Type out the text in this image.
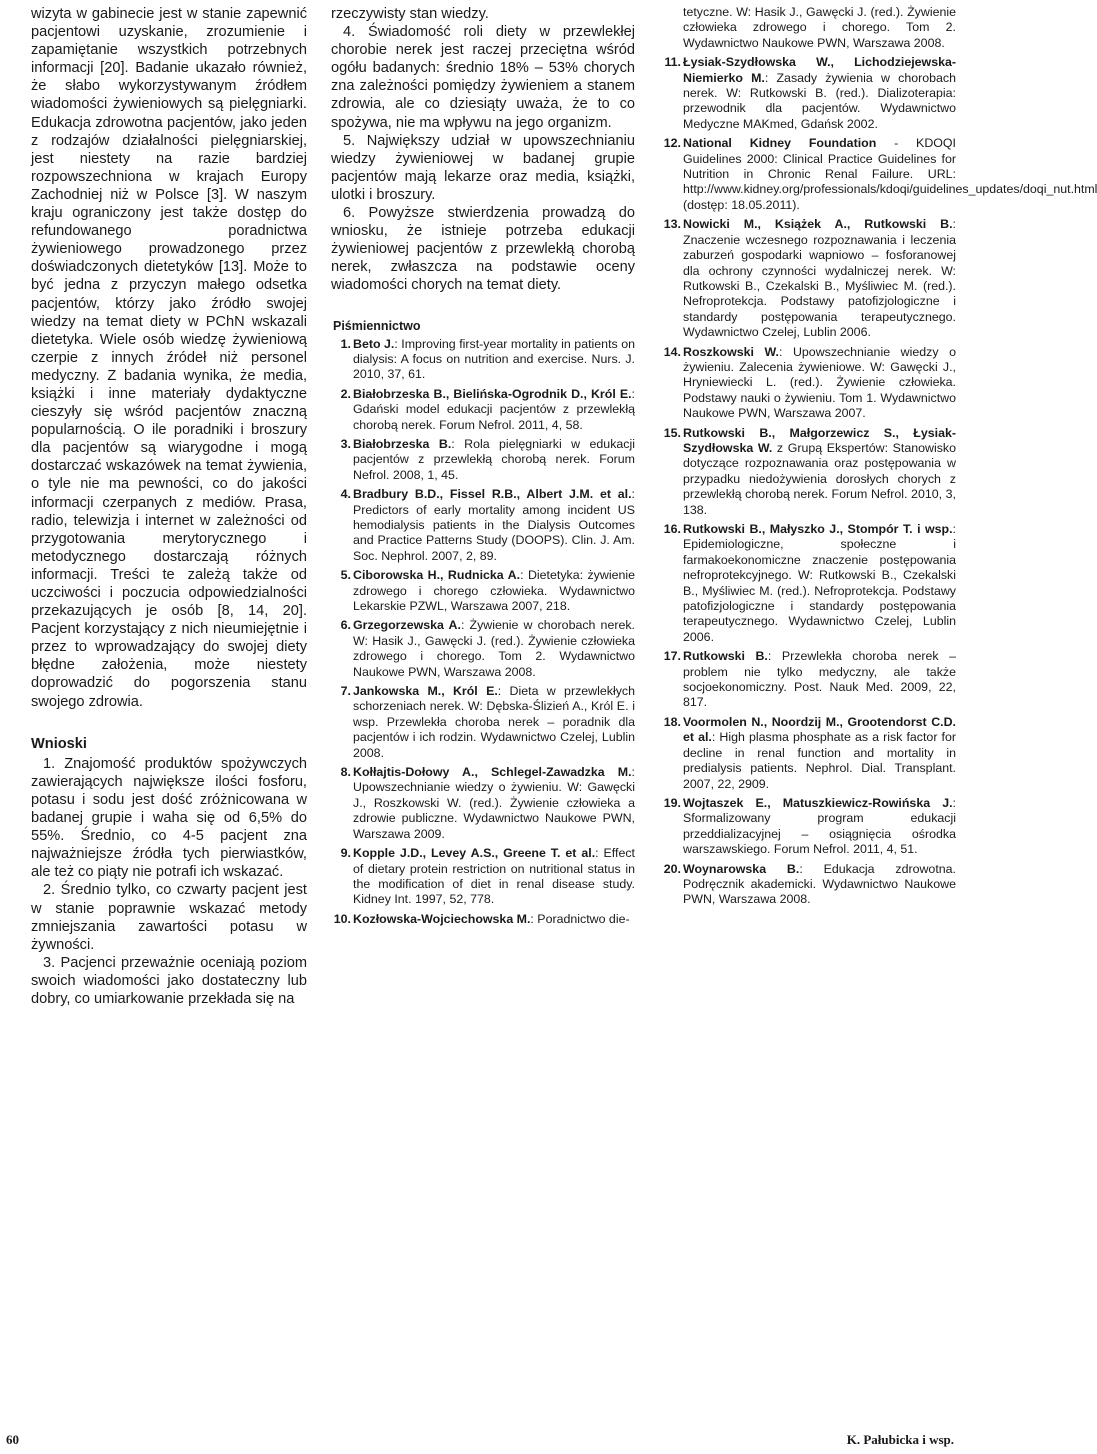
wizyta w gabinecie jest w stanie zapewnić pacjentowi uzyskanie, zrozumienie i zapamiętanie wszystkich potrzebnych informacji [20]. Badanie ukazało również, że słabo wykorzystywanym źródłem wiadomości żywieniowych są pielęgniarki. Edukacja zdrowotna pacjentów, jako jeden z rodzajów działalności pielęgniarskiej, jest niestety na razie bardziej rozpowszechniona w krajach Europy Zachodniej niż w Polsce [3]. W naszym kraju ograniczony jest także dostęp do refundowanego poradnictwa żywieniowego prowadzonego przez doświadczonych dietetyków [13]. Może to być jedna z przyczyn małego odsetka pacjentów, którzy jako źródło swojej wiedzy na temat diety w PChN wskazali dietetyka. Wiele osób wiedzę żywieniową czerpie z innych źródeł niż personel medyczny. Z badania wynika, że media, książki i inne materiały dydaktyczne cieszyły się wśród pacjentów znaczną popularnością. O ile poradniki i broszury dla pacjentów są wiarygodne i mogą dostarczać wskazówek na temat żywienia, o tyle nie ma pewności, co do jakości informacji czerpanych z mediów. Prasa, radio, telewizja i internet w zależności od przygotowania merytorycznego i metodycznego dostarczają różnych informacji. Treści te zależą także od uczciwości i poczucia odpowiedzialności przekazujących je osób [8, 14, 20]. Pacjent korzystający z nich nieumiejętnie i przez to wprowadzający do swojej diety błędne założenia, może niestety doprowadzić do pogorszenia stanu swojego zdrowia.

Wnioski

1. Znajomość produktów spożywczych zawierających największe ilości fosforu, potasu i sodu jest dość zróżnicowana w badanej grupie i waha się od 6,5% do 55%. Średnio, co 4-5 pacjent zna najważniejsze źródła tych pierwiastków, ale też co piąty nie potrafi ich wskazać.

2. Średnio tylko, co czwarty pacjent jest w stanie poprawnie wskazać metody zmniejszania zawartości potasu w żywności.

3. Pacjenci przeważnie oceniają poziom swoich wiadomości jako dostateczny lub dobry, co umiarkowanie przekłada się na

rzeczywisty stan wiedzy.

4. Świadomość roli diety w przewlekłej chorobie nerek jest raczej przeciętna wśród ogółu badanych: średnio 18% – 53% chorych zna zależności pomiędzy żywieniem a stanem zdrowia, ale co dziesiąty uważa, że to co spożywa, nie ma wpływu na jego organizm.

5. Największy udział w upowszechnianiu wiedzy żywieniowej w badanej grupie pacjentów mają lekarze oraz media, książki, ulotki i broszury.

6. Powyższe stwierdzenia prowadzą do wniosku, że istnieje potrzeba edukacji żywieniowej pacjentów z przewlekłą chorobą nerek, zwłaszcza na podstawie oceny wiadomości chorych na temat diety.

Piśmiennictwo
1. Beto J.: Improving first-year mortality in patients on dialysis: A focus on nutrition and exercise. Nurs. J. 2010, 37, 61.
2. Białobrzeska B., Bielińska-Ogrodnik D., Król E.: Gdański model edukacji pacjentów z przewlekłą chorobą nerek. Forum Nefrol. 2011, 4, 58.
3. Białobrzeska B.: Rola pielęgniarki w edukacji pacjentów z przewlekłą chorobą nerek. Forum Nefrol. 2008, 1, 45.
4. Bradbury B.D., Fissel R.B., Albert J.M. et al.: Predictors of early mortality among incident US hemodialysis patients in the Dialysis Outcomes and Practice Patterns Study (DOOPS). Clin. J. Am. Soc. Nephrol. 2007, 2, 89.
5. Ciborowska H., Rudnicka A.: Dietetyka: żywienie zdrowego i chorego człowieka. Wydawnictwo Lekarskie PZWL, Warszawa 2007, 218.
6. Grzegorzewska A.: Żywienie w chorobach nerek. W: Hasik J., Gawęcki J. (red.). Żywienie człowieka zdrowego i chorego. Tom 2. Wydawnictwo Naukowe PWN, Warszawa 2008.
7. Jankowska M., Król E.: Dieta w przewlekłych schorzeniach nerek. W: Dębska-Ślizień A., Król E. i wsp. Przewlekła choroba nerek – poradnik dla pacjentów i ich rodzin. Wydawnictwo Czelej, Lublin 2008.
8. Kołłajtis-Dołowy A., Schlegel-Zawadzka M.: Upowszechnianie wiedzy o żywieniu. W: Gawęcki J., Roszkowski W. (red.). Żywienie człowieka a zdrowie publiczne. Wydawnictwo Naukowe PWN, Warszawa 2009.
9. Kopple J.D., Levey A.S., Greene T. et al.: Effect of dietary protein restriction on nutritional status in the modification of diet in renal disease study. Kidney Int. 1997, 52, 778.
10. Kozłowska-Wojciechowska M.: Poradnictwo die-
tetyczne. W: Hasik J., Gawęcki J. (red.). Żywienie człowieka zdrowego i chorego. Tom 2. Wydawnictwo Naukowe PWN, Warszawa 2008.
11. Łysiak-Szydłowska W., Lichodziejewska-Niemierko M.: Zasady żywienia w chorobach nerek. W: Rutkowski B. (red.). Dializoterapia: przewodnik dla pacjentów. Wydawnictwo Medyczne MAKmed, Gdańsk 2002.
12. National Kidney Foundation - KDOQI Guidelines 2000: Clinical Practice Guidelines for Nutrition in Chronic Renal Failure. URL: http://www.kidney.org/professionals/kdoqi/guidelines_updates/doqi_nut.html (dostęp: 18.05.2011).
13. Nowicki M., Książek A., Rutkowski B.: Znaczenie wczesnego rozpoznawania i leczenia zaburzeń gospodarki wapniowo – fosforanowej dla ochrony czynności wydalniczej nerek. W: Rutkowski B., Czekalski B., Myśliwiec M. (red.). Nefroprotekcja. Podstawy patofizjologiczne i standardy postępowania terapeutycznego. Wydawnictwo Czelej, Lublin 2006.
14. Roszkowski W.: Upowszechnianie wiedzy o żywieniu. Zalecenia żywieniowe. W: Gawęcki J., Hryniewiecki L. (red.). Żywienie człowieka. Podstawy nauki o żywieniu. Tom 1. Wydawnictwo Naukowe PWN, Warszawa 2007.
15. Rutkowski B., Małgorzewicz S., Łysiak-Szydłowska W. z Grupą Ekspertów: Stanowisko dotyczące rozpoznawania oraz postępowania w przypadku niedożywienia dorosłych chorych z przewlekłą chorobą nerek. Forum Nefrol. 2010, 3, 138.
16. Rutkowski B., Małyszko J., Stompór T. i wsp.: Epidemiologiczne, społeczne i farmakoekonomiczne znaczenie postępowania nefroprotekcyjnego. W: Rutkowski B., Czekalski B., Myśliwiec M. (red.). Nefroprotekcja. Podstawy patofizjologiczne i standardy postępowania terapeutycznego. Wydawnictwo Czelej, Lublin 2006.
17. Rutkowski B.: Przewlekła choroba nerek – problem nie tylko medyczny, ale także socjoekonomiczny. Post. Nauk Med. 2009, 22, 817.
18. Voormolen N., Noordzij M., Grootendorst C.D. et al.: High plasma phosphate as a risk factor for decline in renal function and mortality in predialysis patients. Nephrol. Dial. Transplant. 2007, 22, 2909.
19. Wojtaszek E., Matuszkiewicz-Rowińska J.: Sformalizowany program edukacji przeddializacyjnej – osiągnięcia ośrodka warszawskiego. Forum Nefrol. 2011, 4, 51.
20. Woynarowska B.: Edukacja zdrowotna. Podręcznik akademicki. Wydawnictwo Naukowe PWN, Warszawa 2008.
60	K. Pałubicka i wsp.
